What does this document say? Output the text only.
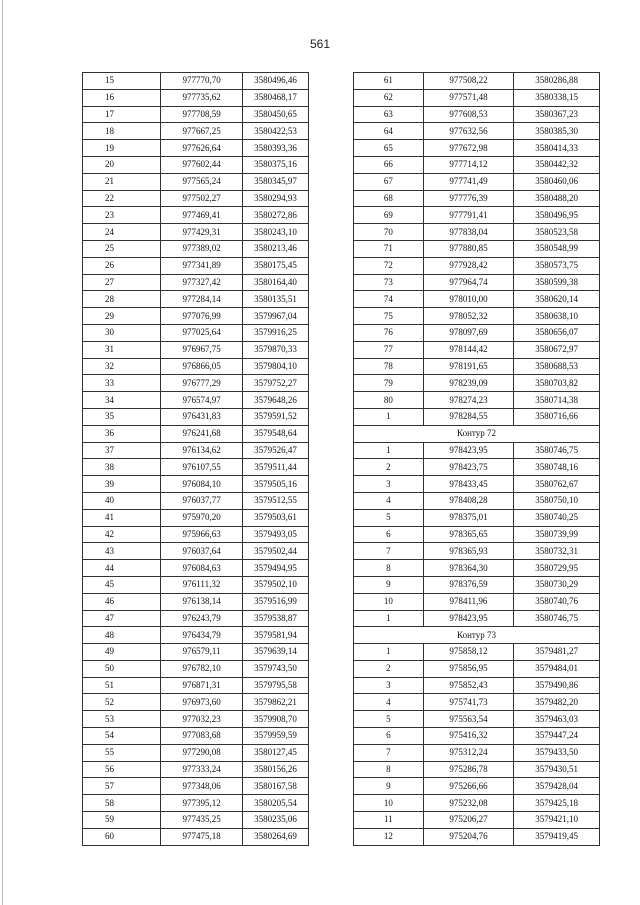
561
15	977770,70	3580496,46
16	977735,62	3580468,17
17	977708,59	3580450,65
18	977667,25	3580422,53
19	977626,64	3580393,36
20	977602,44	3580375,16
21	977565,24	3580345,97
22	977502,27	3580294,93
23	977469,41	3580272,86
24	977429,31	3580243,10
25	977389,02	3580213,46
26	977341,89	3580175,45
27	977327,42	3580164,40
28	977284,14	3580135,51
29	977076,99	3579967,04
30	977025,64	3579916,25
31	976967,75	3579870,33
32	976866,05	3579804,10
33	976777,29	3579752,27
34	976574,97	3579648,26
35	976431,83	3579591,52
36	976241,68	3579548,64
37	976134,62	3579526,47
38	976107,55	3579511,44
39	976084,10	3579505,16
40	976037,77	3579512,55
41	975970,20	3579503,61
42	975966,63	3579493,05
43	976037,64	3579502,44
44	976084,63	3579494,95
45	976111,32	3579502,10
46	976138,14	3579516,99
47	976243,79	3579538,87
48	976434,79	3579581,94
49	976579,11	3579639,14
50	976782,10	3579743,50
51	976871,31	3579795,58
52	976973,60	3579862,21
53	977032,23	3579908,70
54	977083,68	3579959,59
55	977290,08	3580127,45
56	977333,24	3580156,26
57	977348,06	3580167,58
58	977395,12	3580205,54
59	977435,25	3580235,06
60	977475,18	3580264,69
61	977508,22	3580286,88
62	977571,48	3580338,15
63	977608,53	3580367,23
64	977632,56	3580385,30
65	977672,98	3580414,33
66	977714,12	3580442,32
67	977741,49	3580460,06
68	977776,39	3580488,20
69	977791,41	3580496,95
70	977838,04	3580523,58
71	977880,85	3580548,99
72	977928,42	3580573,75
73	977964,74	3580599,38
74	978010,00	3580620,14
75	978052,32	3580638,10
76	978097,69	3580656,07
77	978144,42	3580672,97
78	978191,65	3580688,53
79	978239,09	3580703,82
80	978274,23	3580714,38
1	978284,55	3580716,66
Контур 72		
1	978423,95	3580746,75
2	978423,75	3580748,16
3	978433,45	3580762,67
4	978408,28	3580750,10
5	978375,01	3580740,25
6	978365,65	3580739,99
7	978365,93	3580732,31
8	978364,30	3580729,95
9	978376,59	3580730,29
10	978411,96	3580740,76
1	978423,95	3580746,75
Контур 73		
1	975858,12	3579481,27
2	975856,95	3579484,01
3	975852,43	3579490,86
4	975741,73	3579482,20
5	975563,54	3579463,03
6	975416,32	3579447,24
7	975312,24	3579433,50
8	975286,78	3579430,51
9	975266,66	3579428,04
10	975232,08	3579425,18
11	975206,27	3579421,10
12	975204,76	3579419,45
